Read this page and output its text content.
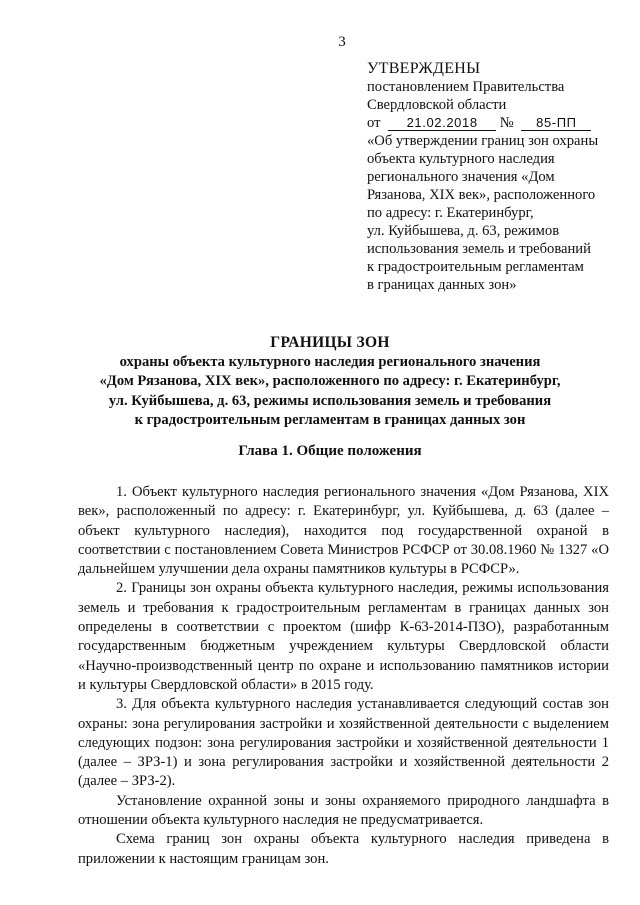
3
УТВЕРЖДЕНЫ
постановлением Правительства
Свердловской области
от 21.02.2018 № 85-ПП
«Об утверждении границ зон охраны
объекта культурного наследия
регионального значения «Дом
Рязанова, XIX век», расположенного
по адресу: г. Екатеринбург,
ул. Куйбышева, д. 63, режимов
использования земель и требований
к градостроительным регламентам
в границах данных зон»
ГРАНИЦЫ ЗОН
охраны объекта культурного наследия регионального значения
«Дом Рязанова, XIX век», расположенного по адресу: г. Екатеринбург,
ул. Куйбышева, д. 63, режимы использования земель и требования
к градостроительным регламентам в границах данных зон
Глава 1. Общие положения

1. Объект культурного наследия регионального значения «Дом Рязанова, XIX век», расположенный по адресу: г. Екатеринбург, ул. Куйбышева, д. 63 (далее – объект культурного наследия), находится под государственной охраной в соответствии с постановлением Совета Министров РСФСР от 30.08.1960 № 1327 «О дальнейшем улучшении дела охраны памятников культуры в РСФСР».

2. Границы зон охраны объекта культурного наследия, режимы использования земель и требования к градостроительным регламентам в границах данных зон определены в соответствии с проектом (шифр К-63-2014-ПЗО), разработанным государственным бюджетным учреждением культуры Свердловской области «Научно-производственный центр по охране и использованию памятников истории и культуры Свердловской области» в 2015 году.

3. Для объекта культурного наследия устанавливается следующий состав зон охраны: зона регулирования застройки и хозяйственной деятельности с выделением следующих подзон: зона регулирования застройки и хозяйственной деятельности 1 (далее – ЗРЗ-1) и зона регулирования застройки и хозяйственной деятельности 2 (далее – ЗРЗ-2).

Установление охранной зоны и зоны охраняемого природного ландшафта в отношении объекта культурного наследия не предусматривается.

Схема границ зон охраны объекта культурного наследия приведена в приложении к настоящим границам зон.
